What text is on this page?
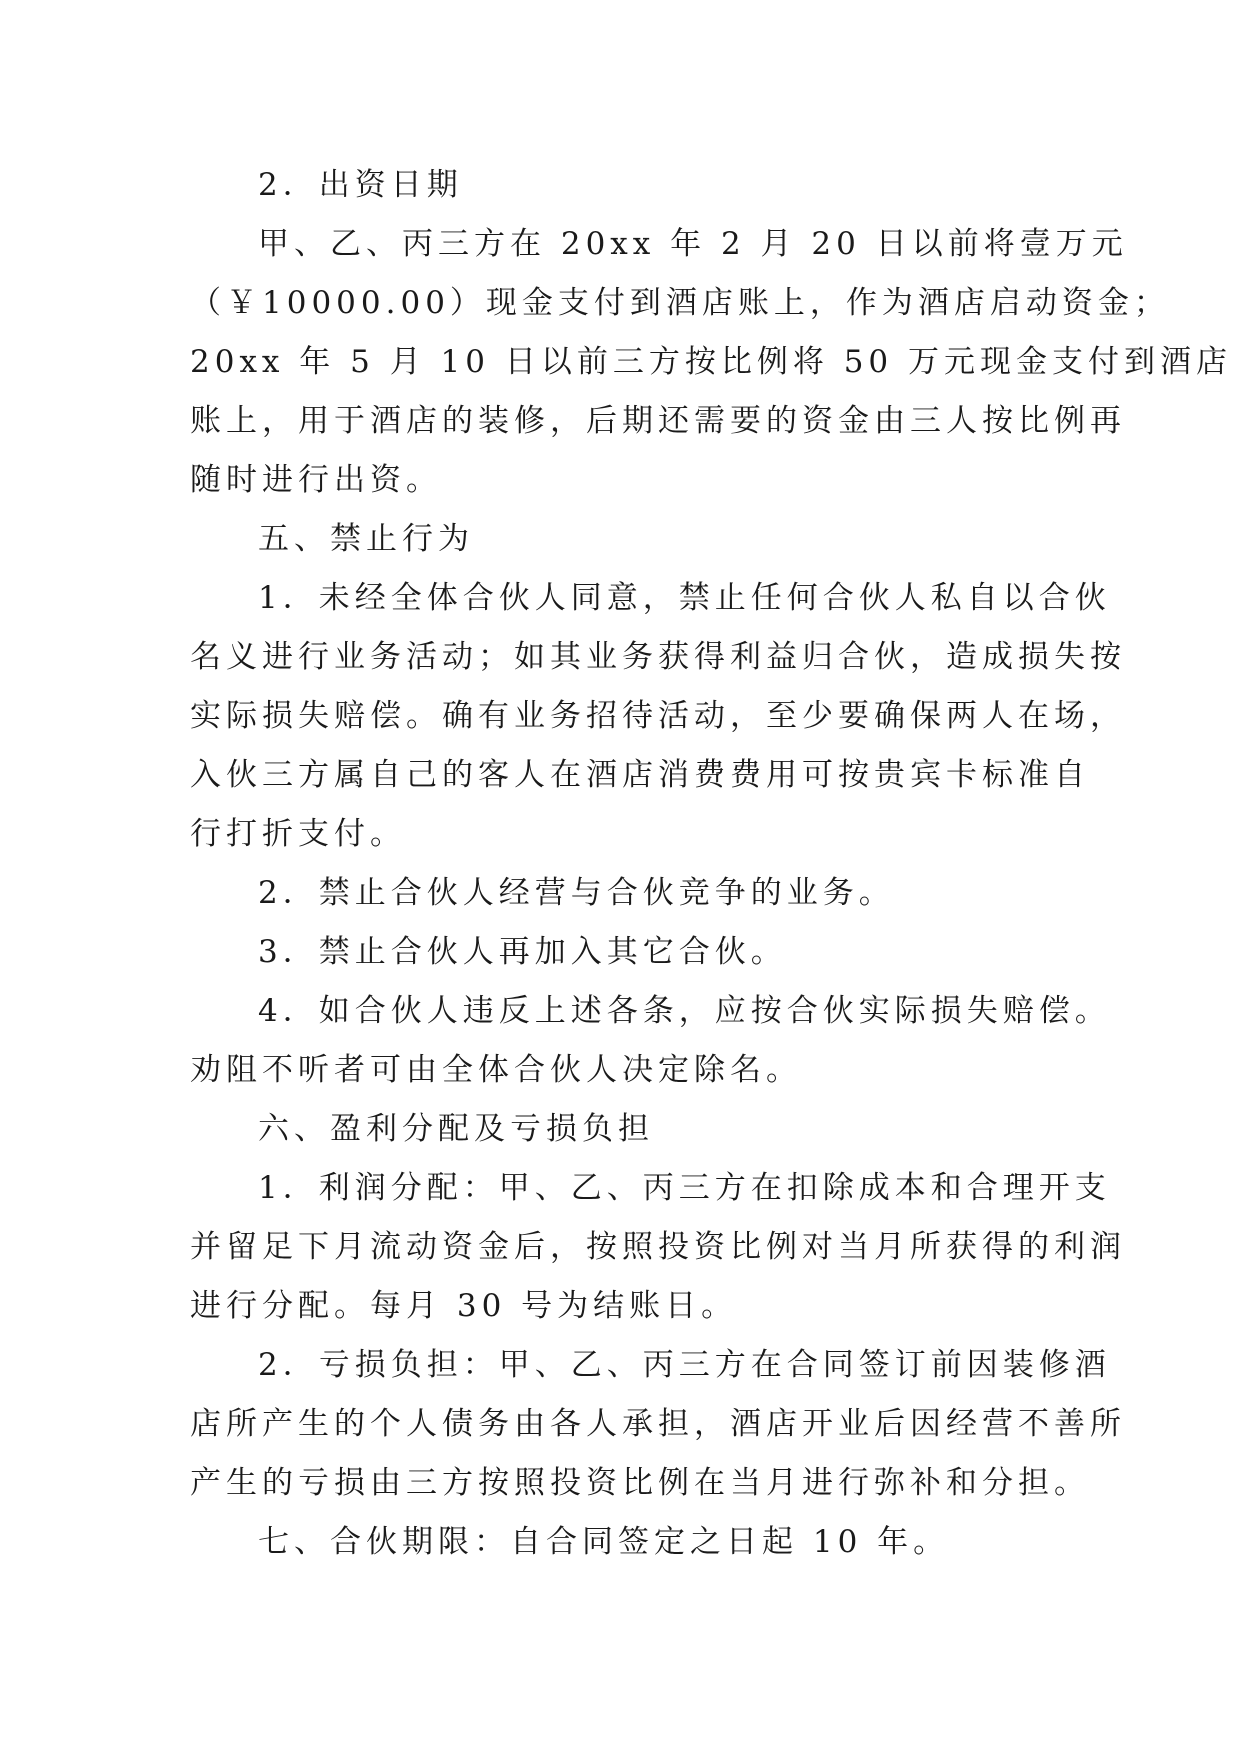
2．出资日期
甲、乙、丙三方在 20xx 年 2 月 20 日以前将壹万元
（￥10000.00）现金支付到酒店账上，作为酒店启动资金；
20xx 年 5 月 10 日以前三方按比例将 50 万元现金支付到酒店
账上，用于酒店的装修，后期还需要的资金由三人按比例再
随时进行出资。
五、禁止行为
1．未经全体合伙人同意，禁止任何合伙人私自以合伙
名义进行业务活动；如其业务获得利益归合伙，造成损失按
实际损失赔偿。确有业务招待活动，至少要确保两人在场，
入伙三方属自己的客人在酒店消费费用可按贵宾卡标准自
行打折支付。
2．禁止合伙人经营与合伙竞争的业务。
3．禁止合伙人再加入其它合伙。
4．如合伙人违反上述各条，应按合伙实际损失赔偿。
劝阻不听者可由全体合伙人决定除名。
六、盈利分配及亏损负担
1．利润分配：甲、乙、丙三方在扣除成本和合理开支
并留足下月流动资金后，按照投资比例对当月所获得的利润
进行分配。每月 30 号为结账日。
2．亏损负担：甲、乙、丙三方在合同签订前因装修酒
店所产生的个人债务由各人承担，酒店开业后因经营不善所
产生的亏损由三方按照投资比例在当月进行弥补和分担。
七、合伙期限：自合同签定之日起 10 年。
